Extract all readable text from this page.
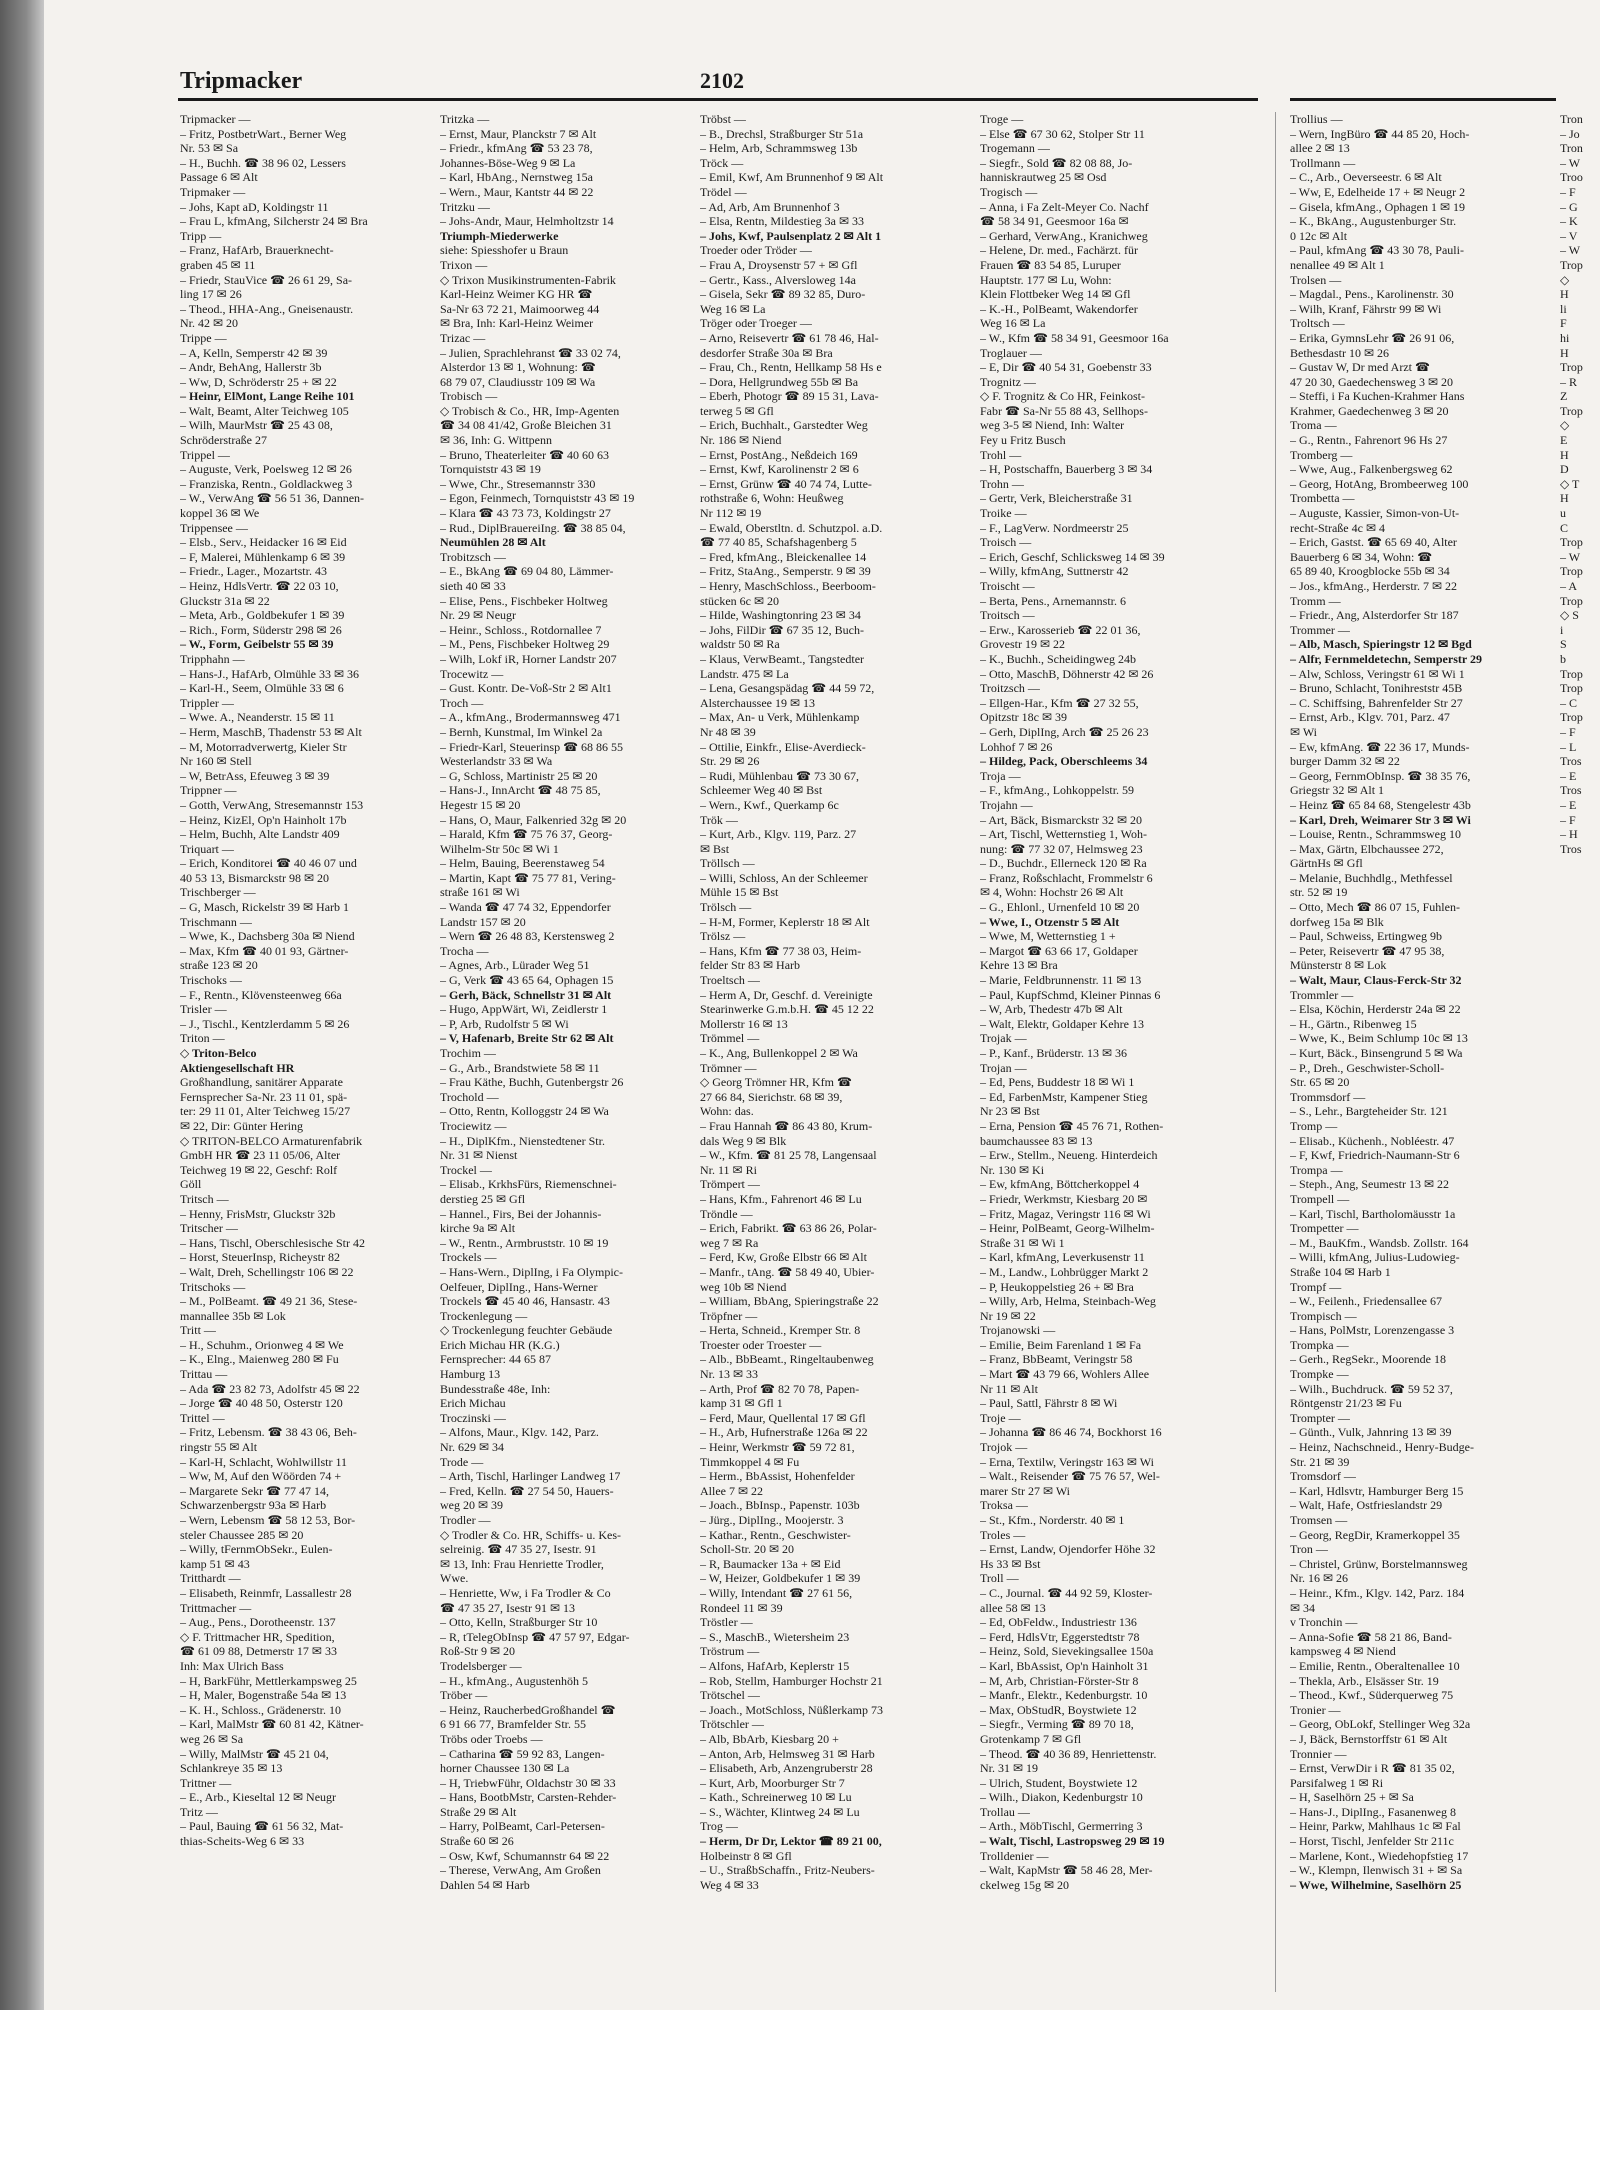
Tripmacker	2102
Tripmacker —
– Fritz, PostbetrWart., Berner Weg
Nr. 53 ✉ Sa
– H., Buchh. ☎ 38 96 02, Lessers
Passage 6 ✉ Alt
Tripmaker —
– Johs, Kapt aD, Koldingstr 11
– Frau L, kfmAng, Silcherstr 24 ✉ Bra
Tripp —
– Franz, HafArb, Brauerknecht-
graben 45 ✉ 11
– Friedr, StauVice ☎ 26 61 29, Sa-
ling 17 ✉ 26
– Theod., HHA-Ang., Gneisenaustr.
Nr. 42 ✉ 20
Trippe —
– A, Kelln, Semperstr 42 ✉ 39
– Andr, BehAng, Hallerstr 3b
– Ww, D, Schröderstr 25 + ✉ 22
– Heinr, ElMont, Lange Reihe 101
– Walt, Beamt, Alter Teichweg 105
– Wilh, MaurMstr ☎ 25 43 08,
Schröderstraße 27
Trippel —
– Auguste, Verk, Poelsweg 12 ✉ 26
– Franziska, Rentn., Goldlackweg 3
– W., VerwAng ☎ 56 51 36, Dannen-
koppel 36 ✉ We
Trippensee —
– Elsb., Serv., Heidacker 16 ✉ Eid
– F, Malerei, Mühlenkamp 6 ✉ 39
– Friedr., Lager., Mozartstr. 43
– Heinz, HdlsVertr. ☎ 22 03 10,
Gluckstr 31a ✉ 22
– Meta, Arb., Goldbekufer 1 ✉ 39
– Rich., Form, Süderstr 298 ✉ 26
– W., Form, Geibelstr 55 ✉ 39
Tripphahn —
– Hans-J., HafArb, Olmühle 33 ✉ 36
– Karl-H., Seem, Olmühle 33 ✉ 6
Trippler —
– Wwe. A., Neanderstr. 15 ✉ 11
– Herm, MaschB, Thadenstr 53 ✉ Alt
– M, Motorradverwertg, Kieler Str
Nr 160 ✉ Stell
– W, BetrAss, Efeuweg 3 ✉ 39
Trippner —
– Gotth, VerwAng, Stresemannstr 153
– Heinz, KizEl, Op'n Hainholt 17b
– Helm, Buchh, Alte Landstr 409
Triquart —
– Erich, Konditorei ☎ 40 46 07 und
40 53 13, Bismarckstr 98 ✉ 20
Trischberger —
– G, Masch, Rickelstr 39 ✉ Harb 1
Trischmann —
– Wwe, K., Dachsberg 30a ✉ Niend
– Max, Kfm ☎ 40 01 93, Gärtner-
straße 123 ✉ 20
Trischoks —
– F., Rentn., Klövensteenweg 66a
Trisler —
– J., Tischl., Kentzlerdamm 5 ✉ 26
Triton —
◇ Triton-Belco
Aktiengesellschaft HR
Großhandlung, sanitärer Apparate
Fernsprecher Sa-Nr. 23 11 01, spä-
ter: 29 11 01, Alter Teichweg 15/27
✉ 22, Dir: Günter Hering
◇ TRITON-BELCO Armaturenfabrik
GmbH HR ☎ 23 11 05/06, Alter
Teichweg 19 ✉ 22, Geschf: Rolf
Göll
Tritsch —
– Henny, FrisMstr, Gluckstr 32b
Tritscher —
– Hans, Tischl, Oberschlesische Str 42
– Horst, SteuerInsp, Richeystr 82
– Walt, Dreh, Schellingstr 106 ✉ 22
Tritschoks —
– M., PolBeamt. ☎ 49 21 36, Stese-
mannallee 35b ✉ Lok
Tritt —
– H., Schuhm., Orionweg 4 ✉ We
– K., Elng., Maienweg 280 ✉ Fu
Trittau —
– Ada ☎ 23 82 73, Adolfstr 45 ✉ 22
– Jorge ☎ 40 48 50, Osterstr 120
Trittel —
– Fritz, Lebensm. ☎ 38 43 06, Beh-
ringstr 55 ✉ Alt
– Karl-H, Schlacht, Wohlwillstr 11
– Ww, M, Auf den Wöörden 74 +
– Margarete Sekr ☎ 77 47 14,
Schwarzenbergstr 93a ✉ Harb
– Wern, Lebensm ☎ 58 12 53, Bor-
steler Chaussee 285 ✉ 20
– Willy, tFernmObSekr., Eulen-
kamp 51 ✉ 43
Tritthardt —
– Elisabeth, Reinmfr, Lassallestr 28
Trittmacher —
– Aug., Pens., Dorotheenstr. 137
◇ F. Trittmacher HR, Spedition,
☎ 61 09 88, Detmerstr 17 ✉ 33
Inh: Max Ulrich Bass
– H, BarkFühr, Mettlerkampsweg 25
– H, Maler, Bogenstraße 54a ✉ 13
– K. H., Schloss., Grädenerstr. 10
– Karl, MalMstr ☎ 60 81 42, Kätner-
weg 26 ✉ Sa
– Willy, MalMstr ☎ 45 21 04,
Schlankreye 35 ✉ 13
Trittner —
– E., Arb., Kieseltal 12 ✉ Neugr
Tritz —
– Paul, Bauing ☎ 61 56 32, Mat-
thias-Scheits-Weg 6 ✉ 33
Tritzka —
– Ernst, Maur, Planckstr 7 ✉ Alt
– Friedr., kfmAng ☎ 53 23 78,
Johannes-Böse-Weg 9 ✉ La
– Karl, HbAng., Nernstweg 15a
– Wern., Maur, Kantstr 44 ✉ 22
Tritzku —
– Johs-Andr, Maur, Helmholtzstr 14
Triumph-Miederwerke
siehe: Spiesshofer u Braun
Trixon —
◇ Trixon Musikinstrumenten-Fabrik
Karl-Heinz Weimer KG HR ☎
Sa-Nr 63 72 21, Maimoorweg 44
✉ Bra, Inh: Karl-Heinz Weimer
Trizac —
– Julien, Sprachlehranst ☎ 33 02 74,
Alsterdor 13 ✉ 1, Wohnung: ☎
68 79 07, Claudiusstr 109 ✉ Wa
Trobisch —
◇ Trobisch & Co., HR, Imp-Agenten
☎ 34 08 41/42, Große Bleichen 31
✉ 36, Inh: G. Wittpenn
– Bruno, Theaterleiter ☎ 40 60 63
Tornquiststr 43 ✉ 19
– Wwe, Chr., Stresemannstr 330
– Egon, Feinmech, Tornquiststr 43 ✉ 19
– Klara ☎ 43 73 73, Koldingstr 27
– Rud., DiplBrauereiIng. ☎ 38 85 04,
Neumühlen 28 ✉ Alt
Trobitzsch —
– E., BkAng ☎ 69 04 80, Lämmer-
sieth 40 ✉ 33
– Elise, Pens., Fischbeker Holtweg
Nr. 29 ✉ Neugr
– Heinr., Schloss., Rotdornallee 7
– M., Pens, Fischbeker Holtweg 29
– Wilh, Lokf iR, Horner Landstr 207
Trocewitz —
– Gust. Kontr. De-Voß-Str 2 ✉ Alt1
Troch —
– A., kfmAng., Brodermannsweg 471
– Bernh, Kunstmal, Im Winkel 2a
– Friedr-Karl, Steuerinsp ☎ 68 86 55
Westerlandstr 33 ✉ Wa
– G, Schloss, Martinistr 25 ✉ 20
– Hans-J., InnArcht ☎ 48 75 85,
Hegestr 15 ✉ 20
– Hans, O, Maur, Falkenried 32g ✉ 20
– Harald, Kfm ☎ 75 76 37, Georg-
Wilhelm-Str 50c ✉ Wi 1
– Helm, Bauing, Beerenstaweg 54
– Martin, Kapt ☎ 75 77 81, Vering-
straße 161 ✉ Wi
– Wanda ☎ 47 74 32, Eppendorfer
Landstr 157 ✉ 20
– Wern ☎ 26 48 83, Kerstensweg 2
Trocha —
– Agnes, Arb., Lürader Weg 51
– G, Verk ☎ 43 65 64, Ophagen 15
– Gerh, Bäck, Schnellstr 31 ✉ Alt
– Hugo, AppWärt, Wi, Zeidlerstr 1
– P, Arb, Rudolfstr 5 ✉ Wi
– V, Hafenarb, Breite Str 62 ✉ Alt
Trochim —
– G., Arb., Brandstwiete 58 ✉ 11
– Frau Käthe, Buchh, Gutenbergstr 26
Trochold —
– Otto, Rentn, Kolloggstr 24 ✉ Wa
Trociewitz —
– H., DiplKfm., Nienstedtener Str.
Nr. 31 ✉ Nienst
Trockel —
– Elisab., KrkhsFürs, Riemenschnei-
derstieg 25 ✉ Gfl
– Hannel., Firs, Bei der Johannis-
kirche 9a ✉ Alt
– W., Rentn., Armbruststr. 10 ✉ 19
Trockels —
– Hans-Wern., DiplIng, i Fa Olympic-
Oelfeuer, DiplIng., Hans-Werner
Trockels ☎ 45 40 46, Hansastr. 43
Trockenlegung —
◇ Trockenlegung feuchter Gebäude
Erich Michau HR (K.G.)
Fernsprecher: 44 65 87
Hamburg 13
Bundesstraße 48e, Inh:
Erich Michau
Troczinski —
– Alfons, Maur., Klgv. 142, Parz.
Nr. 629 ✉ 34
Trode —
– Arth, Tischl, Harlinger Landweg 17
– Fred, Kelln. ☎ 27 54 50, Hauers-
weg 20 ✉ 39
Trodler —
◇ Trodler & Co. HR, Schiffs- u. Kes-
selreinig. ☎ 47 35 27, Isestr. 91
✉ 13, Inh: Frau Henriette Trodler,
Wwe.
– Henriette, Ww, i Fa Trodler & Co
☎ 47 35 27, Isestr 91 ✉ 13
– Otto, Kelln, Straßburger Str 10
– R, tTelegObInsp ☎ 47 57 97, Edgar-
Roß-Str 9 ✉ 20
Trodelsberger —
– H., kfmAng., Augustenhöh 5
Tröber —
– Heinz, RaucherbedGroßhandel ☎
6 91 66 77, Bramfelder Str. 55
Tröbs oder Troebs —
– Catharina ☎ 59 92 83, Langen-
horner Chaussee 130 ✉ La
– H, TriebwFühr, Oldachstr 30 ✉ 33
– Hans, BootbMstr, Carsten-Rehder-
Straße 29 ✉ Alt
– Harry, PolBeamt, Carl-Petersen-
Straße 60 ✉ 26
– Osw, Kwf, Schumannstr 64 ✉ 22
– Therese, VerwAng, Am Großen
Dahlen 54 ✉ Harb
Tröbst —
– B., Drechsl, Straßburger Str 51a
– Helm, Arb, Schrammsweg 13b
Tröck —
– Emil, Kwf, Am Brunnenhof 9 ✉ Alt
Trödel —
– Ad, Arb, Am Brunnenhof 3
– Elsa, Rentn, Mildestieg 3a ✉ 33
– Johs, Kwf, Paulsenplatz 2 ✉ Alt 1
Troeder oder Tröder —
– Frau A, Droysenstr 57 + ✉ Gfl
– Gertr., Kass., Alversloweg 14a
– Gisela, Sekr ☎ 89 32 85, Duro-
Weg 16 ✉ La
Tröger oder Troeger —
– Arno, Reisevertr ☎ 61 78 46, Hal-
desdorfer Straße 30a ✉ Bra
– Frau, Ch., Rentn, Hellkamp 58 Hs e
– Dora, Hellgrundweg 55b ✉ Ba
– Eberh, Photogr ☎ 89 15 31, Lava-
terweg 5 ✉ Gfl
– Erich, Buchhalt., Garstedter Weg
Nr. 186 ✉ Niend
– Ernst, PostAng., Neßdeich 169
– Ernst, Kwf, Karolinenstr 2 ✉ 6
– Ernst, Grünw ☎ 40 74 74, Lutte-
rothstraße 6, Wohn: Heußweg
Nr 112 ✉ 19
– Ewald, Oberstltn. d. Schutzpol. a.D.
☎ 77 40 85, Schafshagenberg 5
– Fred, kfmAng., Bleickenallee 14
– Fritz, StaAng., Semperstr. 9 ✉ 39
– Henry, MaschSchloss., Beerboom-
stücken 6c ✉ 20
– Hilde, Washingtonring 23 ✉ 34
– Johs, FilDir ☎ 67 35 12, Buch-
waldstr 50 ✉ Ra
– Klaus, VerwBeamt., Tangstedter
Landstr. 475 ✉ La
– Lena, Gesangspädag ☎ 44 59 72,
Alsterchaussee 19 ✉ 13
– Max, An- u Verk, Mühlenkamp
Nr 48 ✉ 39
– Ottilie, Einkfr., Elise-Averdieck-
Str. 29 ✉ 26
– Rudi, Mühlenbau ☎ 73 30 67,
Schleemer Weg 40 ✉ Bst
– Wern., Kwf., Querkamp 6c
Trök —
– Kurt, Arb., Klgv. 119, Parz. 27
✉ Bst
Tröllsch —
– Willi, Schloss, An der Schleemer
Mühle 15 ✉ Bst
Trölsch —
– H-M, Former, Keplerstr 18 ✉ Alt
Trölsz —
– Hans, Kfm ☎ 77 38 03, Heim-
felder Str 83 ✉ Harb
Troeltsch —
– Herm A, Dr, Geschf. d. Vereinigte
Stearinwerke G.m.b.H. ☎ 45 12 22
Mollerstr 16 ✉ 13
Trömmel —
– K., Ang, Bullenkoppel 2 ✉ Wa
Trömner —
◇ Georg Trömner HR, Kfm ☎
27 66 84, Sierichstr. 68 ✉ 39,
Wohn: das.
– Frau Hannah ☎ 86 43 80, Krum-
dals Weg 9 ✉ Blk
– W., Kfm. ☎ 81 25 78, Langensaal
Nr. 11 ✉ Ri
Trömpert —
– Hans, Kfm., Fahrenort 46 ✉ Lu
Tröndle —
– Erich, Fabrikt. ☎ 63 86 26, Polar-
weg 7 ✉ Ra
– Ferd, Kw, Große Elbstr 66 ✉ Alt
– Manfr., tAng. ☎ 58 49 40, Ubier-
weg 10b ✉ Niend
– William, BbAng, Spieringstraße 22
Tröpfner —
– Herta, Schneid., Kremper Str. 8
Troester oder Troester —
– Alb., BbBeamt., Ringeltaubenweg
Nr. 13 ✉ 33
– Arth, Prof ☎ 82 70 78, Papen-
kamp 31 ✉ Gfl 1
– Ferd, Maur, Quellental 17 ✉ Gfl
– H., Arb, Hufnerstraße 126a ✉ 22
– Heinr, Werkmstr ☎ 59 72 81,
Timmkoppel 4 ✉ Fu
– Herm., BbAssist, Hohenfelder
Allee 7 ✉ 22
– Joach., BbInsp., Papenstr. 103b
– Jürg., DiplIng., Moojerstr. 3
– Kathar., Rentn., Geschwister-
Scholl-Str. 20 ✉ 20
– R, Baumacker 13a + ✉ Eid
– W, Heizer, Goldbekufer 1 ✉ 39
– Willy, Intendant ☎ 27 61 56,
Rondeel 11 ✉ 39
Tröstler —
– S., MaschB., Wietersheim 23
Tröstrum —
– Alfons, HafArb, Keplerstr 15
– Rob, Stellm, Hamburger Hochstr 21
Trötschel —
– Joach., MotSchloss, Nüßlerkamp 73
Trötschler —
– Alb, BbArb, Kiesbarg 20 +
– Anton, Arb, Helmsweg 31 ✉ Harb
– Elisabeth, Arb, Anzengruberstr 28
– Kurt, Arb, Moorburger Str 7
– Kath., Schreinerweg 10 ✉ Lu
– S., Wächter, Klintweg 24 ✉ Lu
Trog —
– Herm, Dr Dr, Lektor ☎ 89 21 00,
Holbeinstr 8 ✉ Gfl
– U., StraßbSchaffn., Fritz-Neubers-
Weg 4 ✉ 33
Troge —
– Else ☎ 67 30 62, Stolper Str 11
Trogemann —
– Siegfr., Sold ☎ 82 08 88, Jo-
hanniskrautweg 25 ✉ Osd
Trogisch —
– Anna, i Fa Zelt-Meyer Co. Nachf
☎ 58 34 91, Geesmoor 16a ✉
– Gerhard, VerwAng., Kranichweg
– Helene, Dr. med., Fachärzt. für
Frauen ☎ 83 54 85, Luruper
Hauptstr. 177 ✉ Lu, Wohn:
Klein Flottbeker Weg 14 ✉ Gfl
– K.-H., PolBeamt, Wakendorfer
Weg 16 ✉ La
– W., Kfm ☎ 58 34 91, Geesmoor 16a
Troglauer —
– E, Dir ☎ 40 54 31, Goebenstr 33
Trognitz —
◇ F. Trognitz & Co HR, Feinkost-
Fabr ☎ Sa-Nr 55 88 43, Sellhops-
weg 3-5 ✉ Niend, Inh: Walter
Fey u Fritz Busch
Trohl —
– H, Postschaffn, Bauerberg 3 ✉ 34
Trohn —
– Gertr, Verk, Bleicherstraße 31
Troike —
– F., LagVerw. Nordmeerstr 25
Troisch —
– Erich, Geschf, Schlicksweg 14 ✉ 39
– Willy, kfmAng, Suttnerstr 42
Troischt —
– Berta, Pens., Arnemannstr. 6
Troitsch —
– Erw., Karosserieb ☎ 22 01 36,
Grovestr 19 ✉ 22
– K., Buchh., Scheidingweg 24b
– Otto, MaschB, Döhnerstr 42 ✉ 26
Troitzsch —
– Ellgen-Har., Kfm ☎ 27 32 55,
Opitzstr 18c ✉ 39
– Gerh, DiplIng, Arch ☎ 25 26 23
Lohhof 7 ✉ 26
– Hildeg, Pack, Oberschleems 34
Troja —
– F., kfmAng., Lohkoppelstr. 59
Trojahn —
– Art, Bäck, Bismarckstr 32 ✉ 20
– Art, Tischl, Wetternstieg 1, Woh-
nung: ☎ 77 32 07, Helmsweg 23
– D., Buchdr., Ellerneck 120 ✉ Ra
– Franz, Roßschlacht, Frommelstr 6
✉ 4, Wohn: Hochstr 26 ✉ Alt
– G., Ehlonl., Urnenfeld 10 ✉ 20
– Wwe, I., Otzenstr 5 ✉ Alt
– Wwe, M, Wetternstieg 1 +
– Margot ☎ 63 66 17, Goldaper
Kehre 13 ✉ Bra
– Marie, Feldbrunnenstr. 11 ✉ 13
– Paul, KupfSchmd, Kleiner Pinnas 6
– W, Arb, Thedestr 47b ✉ Alt
– Walt, Elektr, Goldaper Kehre 13
Trojak —
– P., Kanf., Brüderstr. 13 ✉ 36
Trojan —
– Ed, Pens, Buddestr 18 ✉ Wi 1
– Ed, FarbenMstr, Kampener Stieg
Nr 23 ✉ Bst
– Erna, Pension ☎ 45 76 71, Rothen-
baumchaussee 83 ✉ 13
– Erw., Stellm., Neueng. Hinterdeich
Nr. 130 ✉ Ki
– Ew, kfmAng, Böttcherkoppel 4
– Friedr, Werkmstr, Kiesbarg 20 ✉
– Fritz, Magaz, Veringstr 116 ✉ Wi
– Heinr, PolBeamt, Georg-Wilhelm-
Straße 31 ✉ Wi 1
– Karl, kfmAng, Leverkusenstr 11
– M., Landw., Lohbrügger Markt 2
– P, Heukoppelstieg 26 + ✉ Bra
– Willy, Arb, Helma, Steinbach-Weg
Nr 19 ✉ 22
Trojanowski —
– Emilie, Beim Farenland 1 ✉ Fa
– Franz, BbBeamt, Veringstr 58
– Mart ☎ 43 79 66, Wohlers Allee
Nr 11 ✉ Alt
– Paul, Sattl, Fährstr 8 ✉ Wi
Troje —
– Johanna ☎ 86 46 74, Bockhorst 16
Trojok —
– Erna, Textilw, Veringstr 163 ✉ Wi
– Walt., Reisender ☎ 75 76 57, Wel-
marer Str 27 ✉ Wi
Troksa —
– St., Kfm., Norderstr. 40 ✉ 1
Troles —
– Ernst, Landw, Ojendorfer Höhe 32
Hs 33 ✉ Bst
Troll —
– C., Journal. ☎ 44 92 59, Kloster-
allee 58 ✉ 13
– Ed, ObFeldw., Industriestr 136
– Ferd, HdlsVtr, Eggerstedtstr 78
– Heinz, Sold, Sievekingsallee 150a
– Karl, BbAssist, Op'n Hainholt 31
– M, Arb, Christian-Förster-Str 8
– Manfr., Elektr., Kedenburgstr. 10
– Max, ObStudR, Boystwiete 12
– Siegfr., Verming ☎ 89 70 18,
Grotenkamp 7 ✉ Gfl
– Theod. ☎ 40 36 89, Henriettenstr.
Nr. 31 ✉ 19
– Ulrich, Student, Boystwiete 12
– Wilh., Diakon, Kedenburgstr 10
Trollau —
– Arth., MöbTischl, Germerring 3
– Walt, Tischl, Lastropsweg 29 ✉ 19
Trolldenier —
– Walt, KapMstr ☎ 58 46 28, Mer-
ckelweg 15g ✉ 20
Trollius —
– Wern, IngBüro ☎ 44 85 20, Hoch-
allee 2 ✉ 13
Trollmann —
– C., Arb., Oeverseestr. 6 ✉ Alt
– Ww, E, Edelheide 17 + ✉ Neugr 2
– Gisela, kfmAng., Ophagen 1 ✉ 19
– K., BkAng., Augustenburger Str.
0 12c ✉ Alt
– Paul, kfmAng ☎ 43 30 78, Pauli-
nenallee 49 ✉ Alt 1
Trolsen —
– Magdal., Pens., Karolinenstr. 30
– Wilh, Kranf, Fährstr 99 ✉ Wi
Troltsch —
– Erika, GymnsLehr ☎ 26 91 06,
Bethesdastr 10 ✉ 26
– Gustav W, Dr med Arzt ☎
47 20 30, Gaedechensweg 3 ✉ 20
– Steffi, i Fa Kuchen-Krahmer Hans
Krahmer, Gaedechenweg 3 ✉ 20
Troma —
– G., Rentn., Fahrenort 96 Hs 27
Tromberg —
– Wwe, Aug., Falkenbergsweg 62
– Georg, HotAng, Brombeerweg 100
Trombetta —
– Auguste, Kassier, Simon-von-Ut-
recht-Straße 4c ✉ 4
– Erich, Gastst. ☎ 65 69 40, Alter
Bauerberg 6 ✉ 34, Wohn: ☎
65 89 40, Kroogblocke 55b ✉ 34
– Jos., kfmAng., Herderstr. 7 ✉ 22
Tromm —
– Friedr., Ang, Alsterdorfer Str 187
Trommer —
– Alb, Masch, Spieringstr 12 ✉ Bgd
– Alfr, Fernmeldetechn, Semperstr 29
– Alw, Schloss, Veringstr 61 ✉ Wi 1
– Bruno, Schlacht, Tonihreststr 45B
– C. Schiffsing, Bahrenfelder Str 27
– Ernst, Arb., Klgv. 701, Parz. 47
✉ Wi
– Ew, kfmAng. ☎ 22 36 17, Munds-
burger Damm 32 ✉ 22
– Georg, FernmObInsp. ☎ 38 35 76,
Griegstr 32 ✉ Alt 1
– Heinz ☎ 65 84 68, Stengelestr 43b
– Karl, Dreh, Weimarer Str 3 ✉ Wi
– Louise, Rentn., Schrammsweg 10
– Max, Gärtn, Elbchaussee 272,
GärtnHs ✉ Gfl
– Melanie, Buchhdlg., Methfessel
str. 52 ✉ 19
– Otto, Mech ☎ 86 07 15, Fuhlen-
dorfweg 15a ✉ Blk
– Paul, Schweiss, Ertingweg 9b
– Peter, Reisevertr ☎ 47 95 38,
Münsterstr 8 ✉ Lok
– Walt, Maur, Claus-Ferck-Str 32
Trommler —
– Elsa, Köchin, Herderstr 24a ✉ 22
– H., Gärtn., Ribenweg 15
– Wwe, K., Beim Schlump 10c ✉ 13
– Kurt, Bäck., Binsengrund 5 ✉ Wa
– P., Dreh., Geschwister-Scholl-
Str. 65 ✉ 20
Trommsdorf —
– S., Lehr., Bargteheider Str. 121
Tromp —
– Elisab., Küchenh., Nobléestr. 47
– F, Kwf, Friedrich-Naumann-Str 6
Trompa —
– Steph., Ang, Seumestr 13 ✉ 22
Trompell —
– Karl, Tischl, Bartholomäusstr 1a
Trompetter —
– M., BauKfm., Wandsb. Zollstr. 164
– Willi, kfmAng, Julius-Ludowieg-
Straße 104 ✉ Harb 1
Trompf —
– W., Feilenh., Friedensallee 67
Trompisch —
– Hans, PolMstr, Lorenzengasse 3
Trompka —
– Gerh., RegSekr., Moorende 18
Trompke —
– Wilh., Buchdruck. ☎ 59 52 37,
Röntgenstr 21/23 ✉ Fu
Trompter —
– Günth., Vulk, Jahnring 13 ✉ 39
– Heinz, Nachschneid., Henry-Budge-
Str. 21 ✉ 39
Tromsdorf —
– Karl, Hdlsvtr, Hamburger Berg 15
– Walt, Hafe, Ostfrieslandstr 29
Tromsen —
– Georg, RegDir, Kramerkoppel 35
Tron —
– Christel, Grünw, Borstelmannsweg
Nr. 16 ✉ 26
– Heinr., Kfm., Klgv. 142, Parz. 184
✉ 34
v Tronchin —
– Anna-Sofie ☎ 58 21 86, Band-
kampsweg 4 ✉ Niend
– Emilie, Rentn., Oberaltenallee 10
– Thekla, Arb., Elsässer Str. 19
– Theod., Kwf., Süderquerweg 75
Tronier —
– Georg, ObLokf, Stellinger Weg 32a
– J, Bäck, Bernstorffstr 61 ✉ Alt
Tronnier —
– Ernst, VerwDir i R ☎ 81 35 02,
Parsifalweg 1 ✉ Ri
– H, Saselhörn 25 + ✉ Sa
– Hans-J., DiplIng., Fasanenweg 8
– Heinr, Parkw, Mahlhaus 1c ✉ Fal
– Horst, Tischl, Jenfelder Str 211c
– Marlene, Kont., Wiedehopfstieg 17
– W., Klempn, Ilenwisch 31 + ✉ Sa
– Wwe, Wilhelmine, Saselhörn 25
Tron
– Jo
Tron
– W
Troo
– F
– G
– K
– V
– W
Trop
◇
H
li
F
hi
H
Trop
– R
Z
Trop
◇
E
H
D
◇ T
H
u
C
Trop
– W
Trop
– A
Trop
◇ S
i
S
b
Trop
Trop
– C
Trop
– F
– L
Tros
– E
Tros
– E
– F
– H
Tros
